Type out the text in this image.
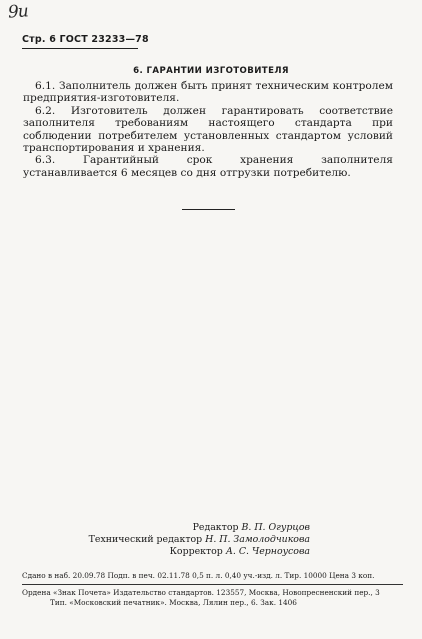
9u
Стр. 6 ГОСТ 23233—78
6. ГАРАНТИИ ИЗГОТОВИТЕЛЯ

6.1. Заполнитель должен быть принят техническим контролем предприятия-изготовителя.

6.2. Изготовитель должен гарантировать соответствие заполнителя требованиям настоящего стандарта при соблюдении потребителем установленных стандартом условий транспортирования и хранения.

6.3. Гарантийный срок хранения заполнителя устанавливается 6 месяцев со дня отгрузки потребителю.

Редактор В. П. Огурцов
Технический редактор Н. П. Замолодчикова
Корректор А. С. Черноусова
Сдано в наб. 20.09.78 Подп. в печ. 02.11.78 0,5 п. л. 0,40 уч.-изд. л. Тир. 10000 Цена 3 коп.
Ордена «Знак Почета» Издательство стандартов. 123557, Москва, Новопресненский пер., 3
Тип. «Московский печатник». Москва, Лялин пер., 6. Зак. 1406
